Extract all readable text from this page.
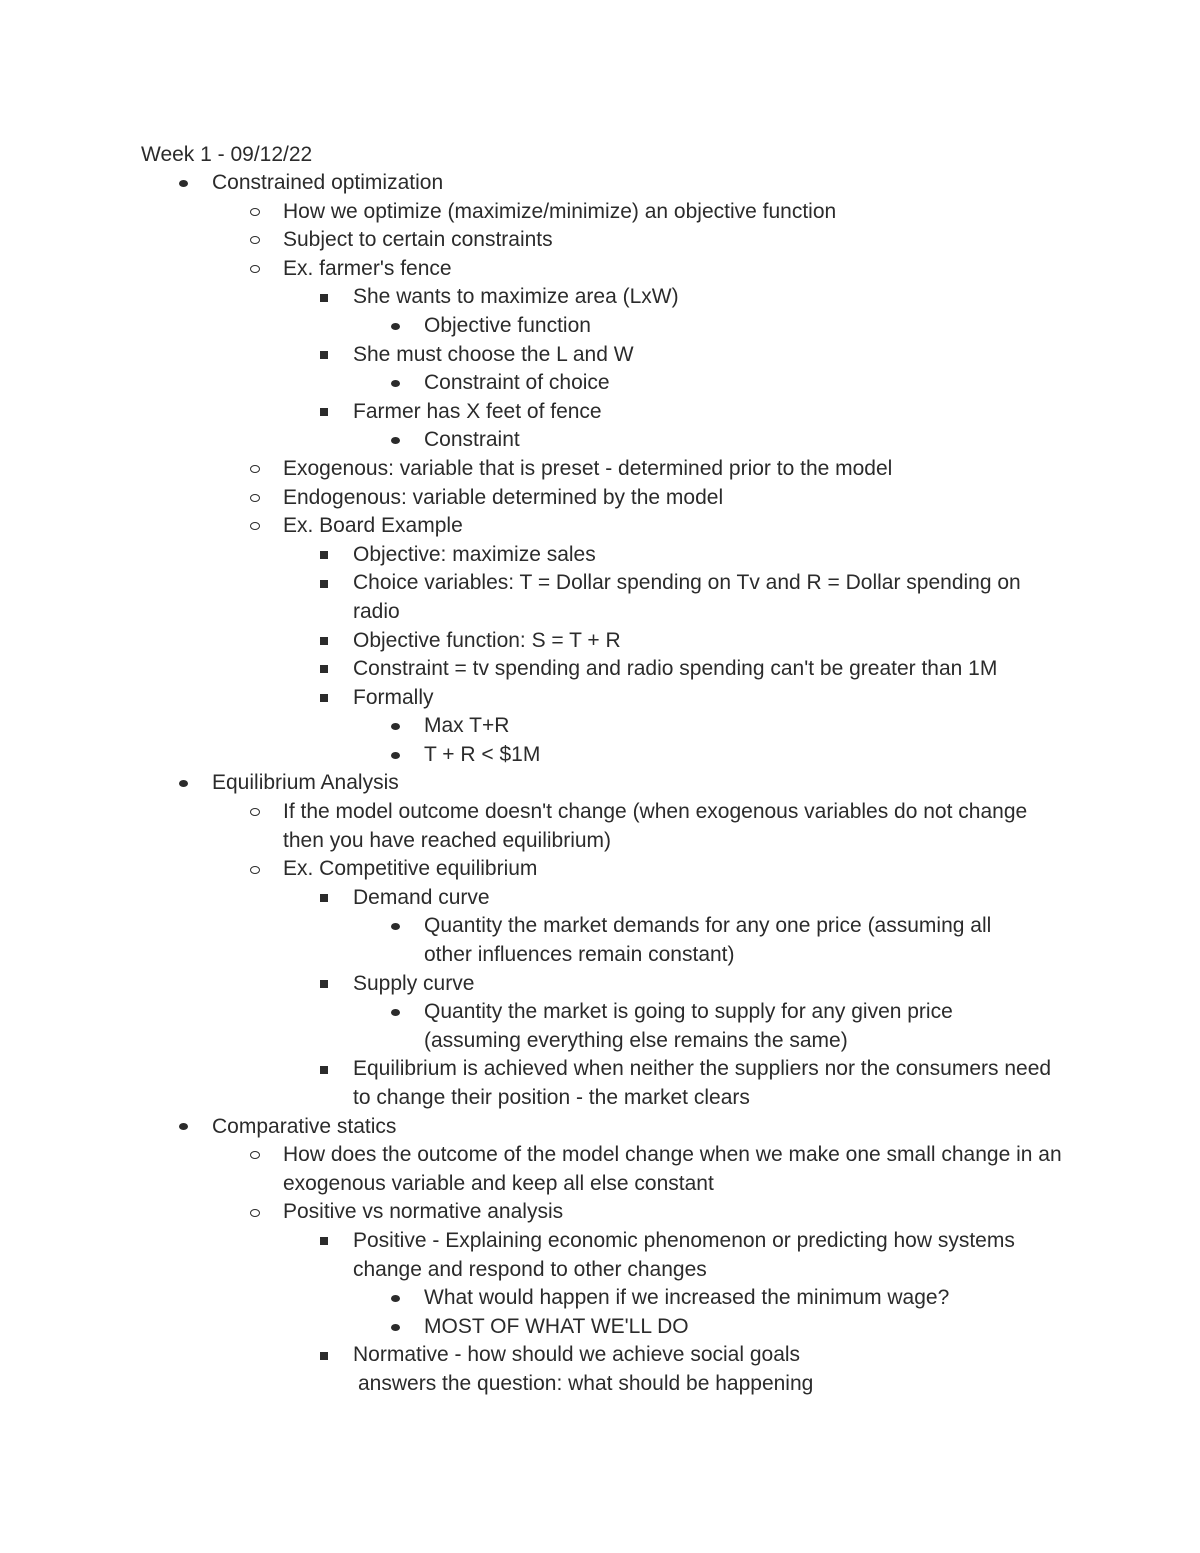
Week 1 - 09/12/22
Constrained optimization
How we optimize (maximize/minimize) an objective function
Subject to certain constraints
Ex. farmer's fence
She wants to maximize area (LxW)
Objective function
She must choose the L and W
Constraint of choice
Farmer has X feet of fence
Constraint
Exogenous: variable that is preset - determined prior to the model
Endogenous: variable determined by the model
Ex. Board Example
Objective: maximize sales
Choice variables: T = Dollar spending on Tv and R = Dollar spending on radio
Objective function: S = T + R
Constraint = tv spending and radio spending can't be greater than 1M
Formally
Max T+R
T + R < $1M
Equilibrium Analysis
If the model outcome doesn't change (when exogenous variables do not change then you have reached equilibrium)
Ex. Competitive equilibrium
Demand curve
Quantity the market demands for any one price (assuming all other influences remain constant)
Supply curve
Quantity the market is going to supply for any given price (assuming everything else remains the same)
Equilibrium is achieved when neither the suppliers nor the consumers need to change their position - the market clears
Comparative statics
How does the outcome of the model change when we make one small change in an exogenous variable and keep all else constant
Positive vs normative analysis
Positive - Explaining economic phenomenon or predicting how systems change and respond to other changes
What would happen if we increased the minimum wage?
MOST OF WHAT WE'LL DO
Normative - how should we achieve social goals
answers the question: what should be happening
